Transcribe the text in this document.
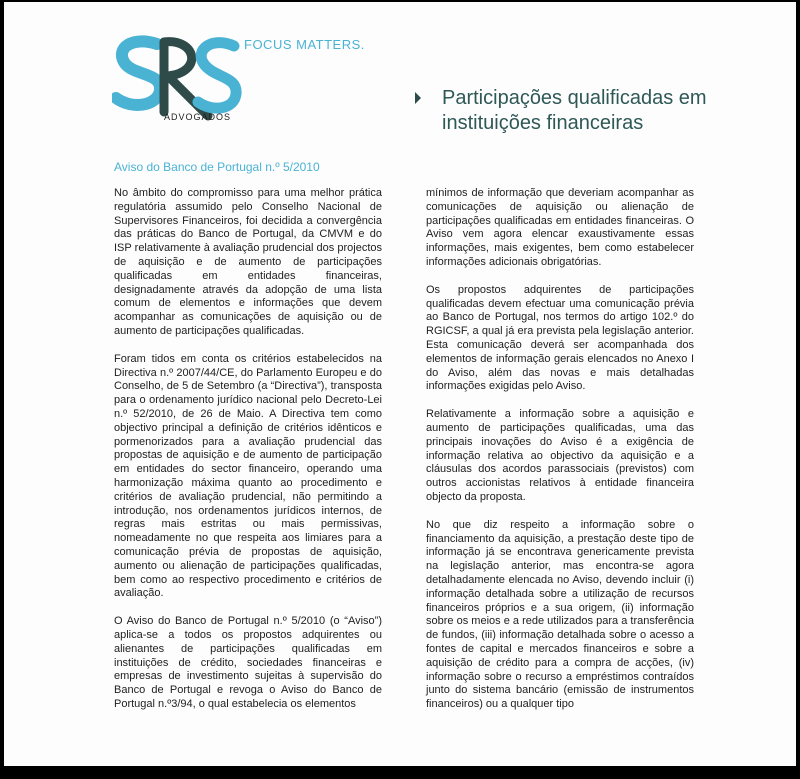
FOCUS MATTERS.
ADVOGADOS
Participações qualificadas em instituições financeiras
Aviso do Banco de Portugal n.º 5/2010

No âmbito do compromisso para uma melhor prática regulatória assumido pelo Conselho Nacional de Supervisores Financeiros, foi decidida a convergência das práticas do Banco de Portugal, da CMVM e do ISP relativamente à avaliação prudencial dos projectos de aquisição e de aumento de participações qualificadas em entidades financeiras, designadamente através da adopção de uma lista comum de elementos e informações que devem acompanhar as comunicações de aquisição ou de aumento de participações qualificadas.

Foram tidos em conta os critérios estabelecidos na Directiva n.º 2007/44/CE, do Parlamento Europeu e do Conselho, de 5 de Setembro (a “Directiva”), transposta para o ordenamento jurídico nacional pelo Decreto-Lei n.º 52/2010, de 26 de Maio. A Directiva tem como objectivo principal a definição de critérios idênticos e pormenorizados para a avaliação prudencial das propostas de aquisição e de aumento de participação em entidades do sector financeiro, operando uma harmonização máxima quanto ao procedimento e critérios de avaliação prudencial, não permitindo a introdução, nos ordenamentos jurídicos internos, de regras mais estritas ou mais permissivas, nomeadamente no que respeita aos limiares para a comunicação prévia de propostas de aquisição, aumento ou alienação de participações qualificadas, bem como ao respectivo procedimento e critérios de avaliação.

O Aviso do Banco de Portugal n.º 5/2010 (o “Aviso”) aplica-se a todos os propostos adquirentes ou alienantes de participações qualificadas em instituições de crédito, sociedades financeiras e empresas de investimento sujeitas à supervisão do Banco de Portugal e revoga o Aviso do Banco de Portugal n.º3/94, o qual estabelecia os elementos

mínimos de informação que deveriam acompanhar as comunicações de aquisição ou alienação de participações qualificadas em entidades financeiras. O Aviso vem agora elencar exaustivamente essas informações, mais exigentes, bem como estabelecer informações adicionais obrigatórias.

Os propostos adquirentes de participações qualificadas devem efectuar uma comunicação prévia ao Banco de Portugal, nos termos do artigo 102.º do RGICSF, a qual já era prevista pela legislação anterior. Esta comunicação deverá ser acompanhada dos elementos de informação gerais elencados no Anexo I do Aviso, além das novas e mais detalhadas informações exigidas pelo Aviso.

Relativamente a informação sobre a aquisição e aumento de participações qualificadas, uma das principais inovações do Aviso é a exigência de informação relativa ao objectivo da aquisição e a cláusulas dos acordos parassociais (previstos) com outros accionistas relativos à entidade financeira objecto da proposta.

No que diz respeito a informação sobre o financiamento da aquisição, a prestação deste tipo de informação já se encontrava genericamente prevista na legislação anterior, mas encontra-se agora detalhadamente elencada no Aviso, devendo incluir (i) informação detalhada sobre a utilização de recursos financeiros próprios e a sua origem, (ii) informação sobre os meios e a rede utilizados para a transferência de fundos, (iii) informação detalhada sobre o acesso a fontes de capital e mercados financeiros e sobre a aquisição de crédito para a compra de acções, (iv) informação sobre o recurso a empréstimos contraídos junto do sistema bancário (emissão de instrumentos financeiros) ou a qualquer tipo
